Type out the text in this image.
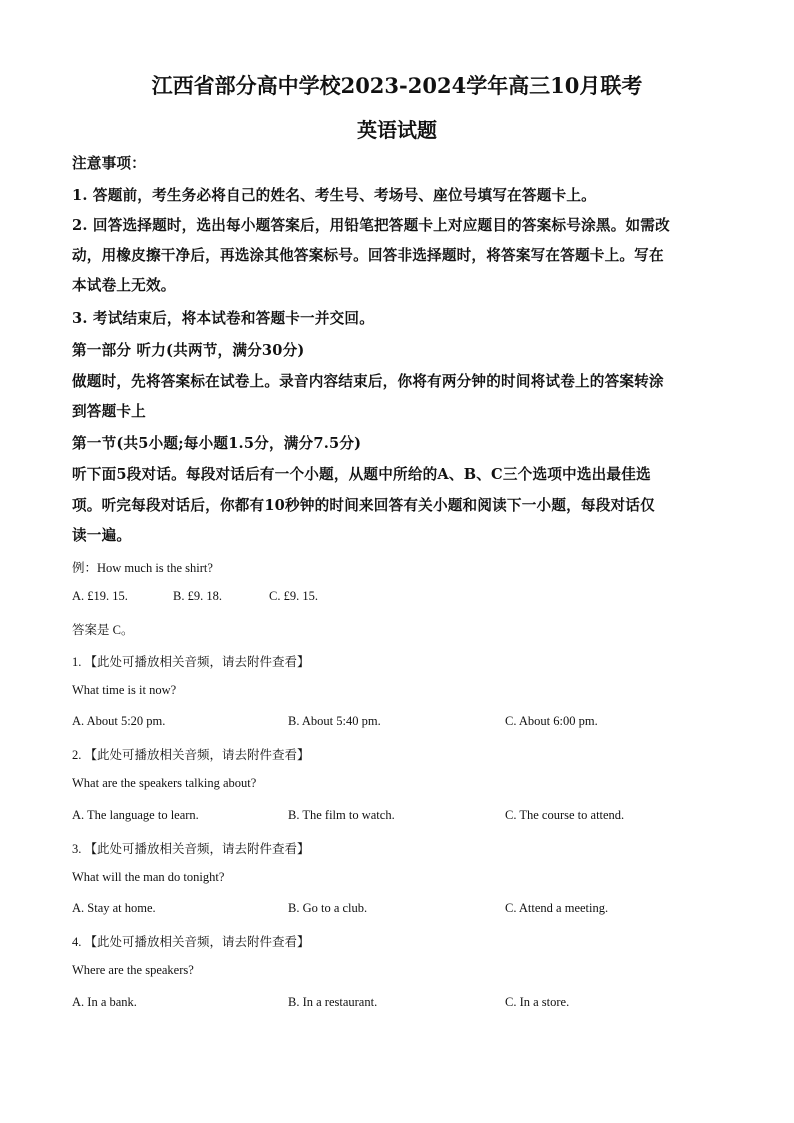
江西省部分高中学校2023-2024学年高三10月联考
英语试题

注意事项：

1. 答题前，考生务必将自己的姓名、考生号、考场号、座位号填写在答题卡上。

2. 回答选择题时，选出每小题答案后，用铅笔把答题卡上对应题目的答案标号涂黑。如需改

动，用橡皮擦干净后，再选涂其他答案标号。回答非选择题时，将答案写在答题卡上。写在

本试卷上无效。

3. 考试结束后，将本试卷和答题卡一并交回。

第一部分 听力(共两节，满分30分)

做题时，先将答案标在试卷上。录音内容结束后，你将有两分钟的时间将试卷上的答案转涂

到答题卡上

第一节(共5小题;每小题1.5分，满分7.5分)

听下面5段对话。每段对话后有一个小题，从题中所给的A、B、C三个选项中选出最佳选

项。听完每段对话后，你都有10秒钟的时间来回答有关小题和阅读下一小题，每段对话仅

读一遍。

例：How much is the shirt?

A. £19. 15.	B. £9. 18.	C. £9. 15.

答案是 C。

1. 【此处可播放相关音频，请去附件查看】

What time is it now?

A. About 5:20 pm.	B. About 5:40 pm.	C. About 6:00 pm.

2. 【此处可播放相关音频，请去附件查看】

What are the speakers talking about?

A. The language to learn.	B. The film to watch.	C. The course to attend.

3. 【此处可播放相关音频，请去附件查看】

What will the man do tonight?

A. Stay at home.	B. Go to a club.	C. Attend a meeting.

4. 【此处可播放相关音频，请去附件查看】

Where are the speakers?

A. In a bank.	B. In a restaurant.	C. In a store.
